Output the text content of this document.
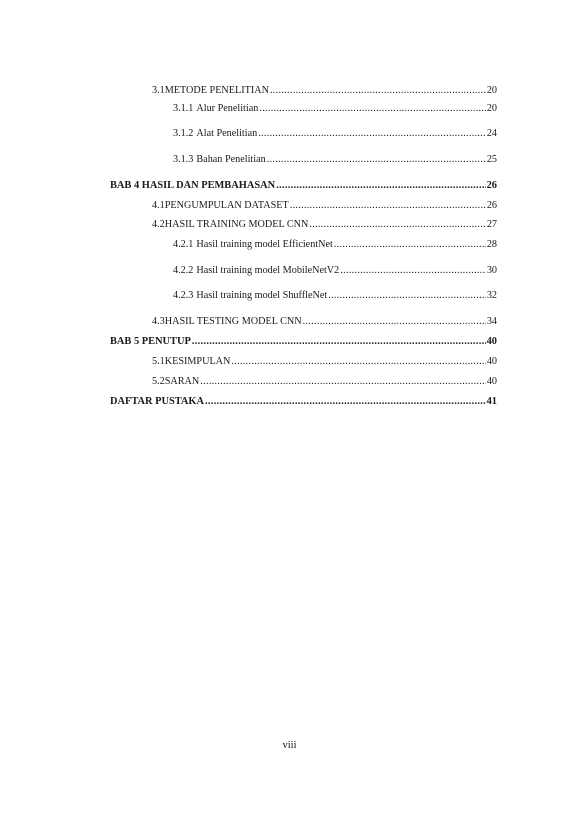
3.1 METODE PENELITIAN .....	20
3.1.1 Alur Penelitian .....	20
3.1.2 Alat Penelitian .....	24
3.1.3 Bahan Penelitian .....	25
BAB 4 HASIL DAN PEMBAHASAN .....	26
4.1 PENGUMPULAN DATASET .....	26
4.2 HASIL TRAINING MODEL CNN .....	27
4.2.1 Hasil training model EfficientNet .....	28
4.2.2 Hasil training model MobileNetV2 .....	30
4.2.3 Hasil training model ShuffleNet .....	32
4.3 HASIL TESTING MODEL CNN .....	34
BAB 5 PENUTUP .....	40
5.1 KESIMPULAN .....	40
5.2 SARAN .....	40
DAFTAR PUSTAKA .....	41
viii
